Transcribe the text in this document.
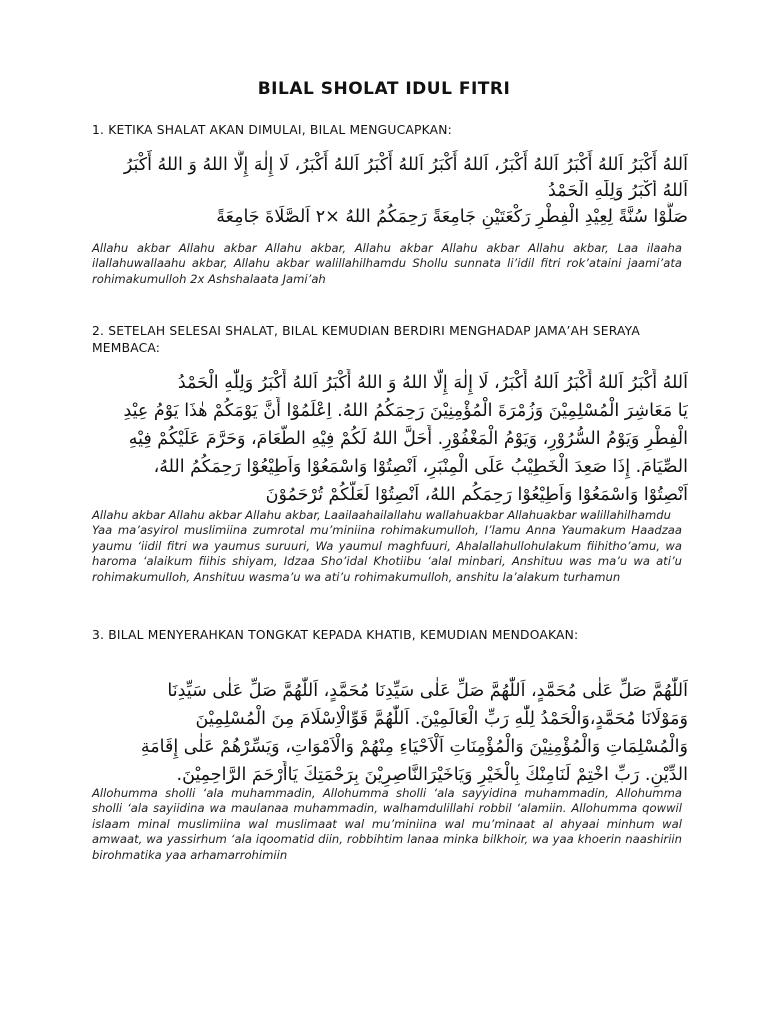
BILAL SHOLAT IDUL FITRI
1. KETIKA SHALAT AKAN DIMULAI, BILAL MENGUCAPKAN:
اَللهُ أَكْبَرُ اَللهُ أَكْبَرُ اَللهُ أَكْبَرُ، اَللهُ أَكْبَرُ اَللهُ أَكْبَرُ اَللهُ أَكْبَرُ، لَا إِلٰهَ إِلَّا اللهُ وَ اللهُ أَكْبَرُ
اَللهُ أَكْبَرُ وَلِلّٰهِ الْحَمْدُ
صَلُّوْا سُنَّةً لِعِيْدِ الْفِطْرِ رَكْعَتَيْنِ جَامِعَةً رَحِمَكُمُ اللهُ ×٢ اَلصَّلَاةَ جَامِعَةً

Allahu akbar Allahu akbar Allahu akbar, Allahu akbar Allahu akbar Allahu akbar, Laa ilaaha ilallahuwallaahu akbar, Allahu akbar walillahilhamdu Shollu sunnata li’idil fitri rok’ataini jaami’ata rohimakumulloh 2x Ashshalaata Jami’ah

2. SETELAH SELESAI SHALAT, BILAL KEMUDIAN BERDIRI MENGHADAP JAMA’AH SERAYA MEMBACA:
اَللهُ أَكْبَرُ اَللهُ أَكْبَرُ اَللهُ أَكْبَرُ، لَا إِلٰهَ إِلَّا اللهُ وَ اللهُ أَكْبَرُ اَللهُ أَكْبَرُ وَلِلّٰهِ الْحَمْدُ
يَا مَعَاشِرَ الْمُسْلِمِيْنَ وَزُمْرَةَ الْمُؤْمِنِيْنَ رَحِمَكُمُ اللهُ. اِعْلَمُوْا أَنَّ يَوْمَكُمْ هٰذَا يَوْمُ عِيْدِ
الْفِطْرِ وَيَوْمُ السُّرُوْرِ، وَيَوْمُ الْمَغْفُوْرِ. أَحَلَّ اللهُ لَكُمْ فِيْهِ الطَّعَامَ، وَحَرَّمَ عَلَيْكُمْ فِيْهِ
الصِّيَامَ. إِذَا صَعِدَ الْخَطِيْبُ عَلَى الْمِنْبَرِ، اَنْصِتُوْا وَاسْمَعُوْا وَاَطِيْعُوْا رَحِمَكُمُ اللهُ،
اَنْصِتُوْا وَاسْمَعُوْا وَاَطِيْعُوْا رَحِمَكُم اللهُ، اَنْصِتُوْا لَعَلَّكُمْ تُرْحَمُوْنَ

Allahu akbar Allahu akbar Allahu akbar, Laailaahailallahu wallahuakbar Allahuakbar walillahilhamdu

Yaa ma’asyirol muslimiina zumrotal mu’miniina rohimakumulloh, I’lamu Anna Yaumakum Haadzaa yaumu ‘iidil fitri wa yaumus suruuri, Wa yaumul maghfuuri, Ahalallahullohulakum fiihitho’amu, wa haroma ‘alaikum fiihis shiyam, Idzaa Sho’idal Khotiibu ‘alal minbari, Anshituu was ma’u wa ati’u rohimakumulloh, Anshituu wasma’u wa ati’u rohimakumulloh, anshitu la’alakum turhamun

3. BILAL MENYERAHKAN TONGKAT KEPADA KHATIB, KEMUDIAN MENDOAKAN:
اَللّٰهُمَّ صَلِّ عَلٰى مُحَمَّدٍ، اَللّٰهُمَّ صَلِّ عَلٰى سَيِّدِنَا مُحَمَّدٍ، اَللّٰهُمَّ صَلِّ عَلٰى سَيِّدِنَا
وَمَوْلَانَا مُحَمَّدٍ،وَالْحَمْدُ لِلّٰهِ رَبِّ الْعَالَمِيْنَ. اَللّٰهُمَّ قَوِّالْاِسْلَامَ مِنَ الْمُسْلِمِيْنَ
وَالْمُسْلِمَاتِ وَالْمُؤْمِنِيْنَ وَالْمُؤْمِنَاتِ اَلْاَحْيَاءِ مِنْهُمْ وَالْاَمْوَاتِ، وَيَسِّرْهُمْ عَلٰى إِقَامَةِ
الدِّيْنِ. رَبِّ اخْتِمْ لَنَامِنْكَ بِالْخَيْرِ وَيَاخَيْرَالنَّاصِرِيْنَ بِرَحْمَتِكَ يَاأَرْحَمَ الرَّاحِمِيْنَ.

Allohumma sholli ‘ala muhammadin, Allohumma sholli ‘ala sayyidina muhammadin, Allohumma sholli ‘ala sayiidina wa maulanaa muhammadin, walhamdulillahi robbil ‘alamiin. Allohumma qowwil islaam minal muslimiina wal muslimaat wal mu’miniina wal mu’minaat al ahyaai minhum wal amwaat, wa yassirhum ‘ala iqoomatid diin, robbihtim lanaa minka bilkhoir, wa yaa khoerin naashiriin birohmatika yaa arhamarrohimiin
